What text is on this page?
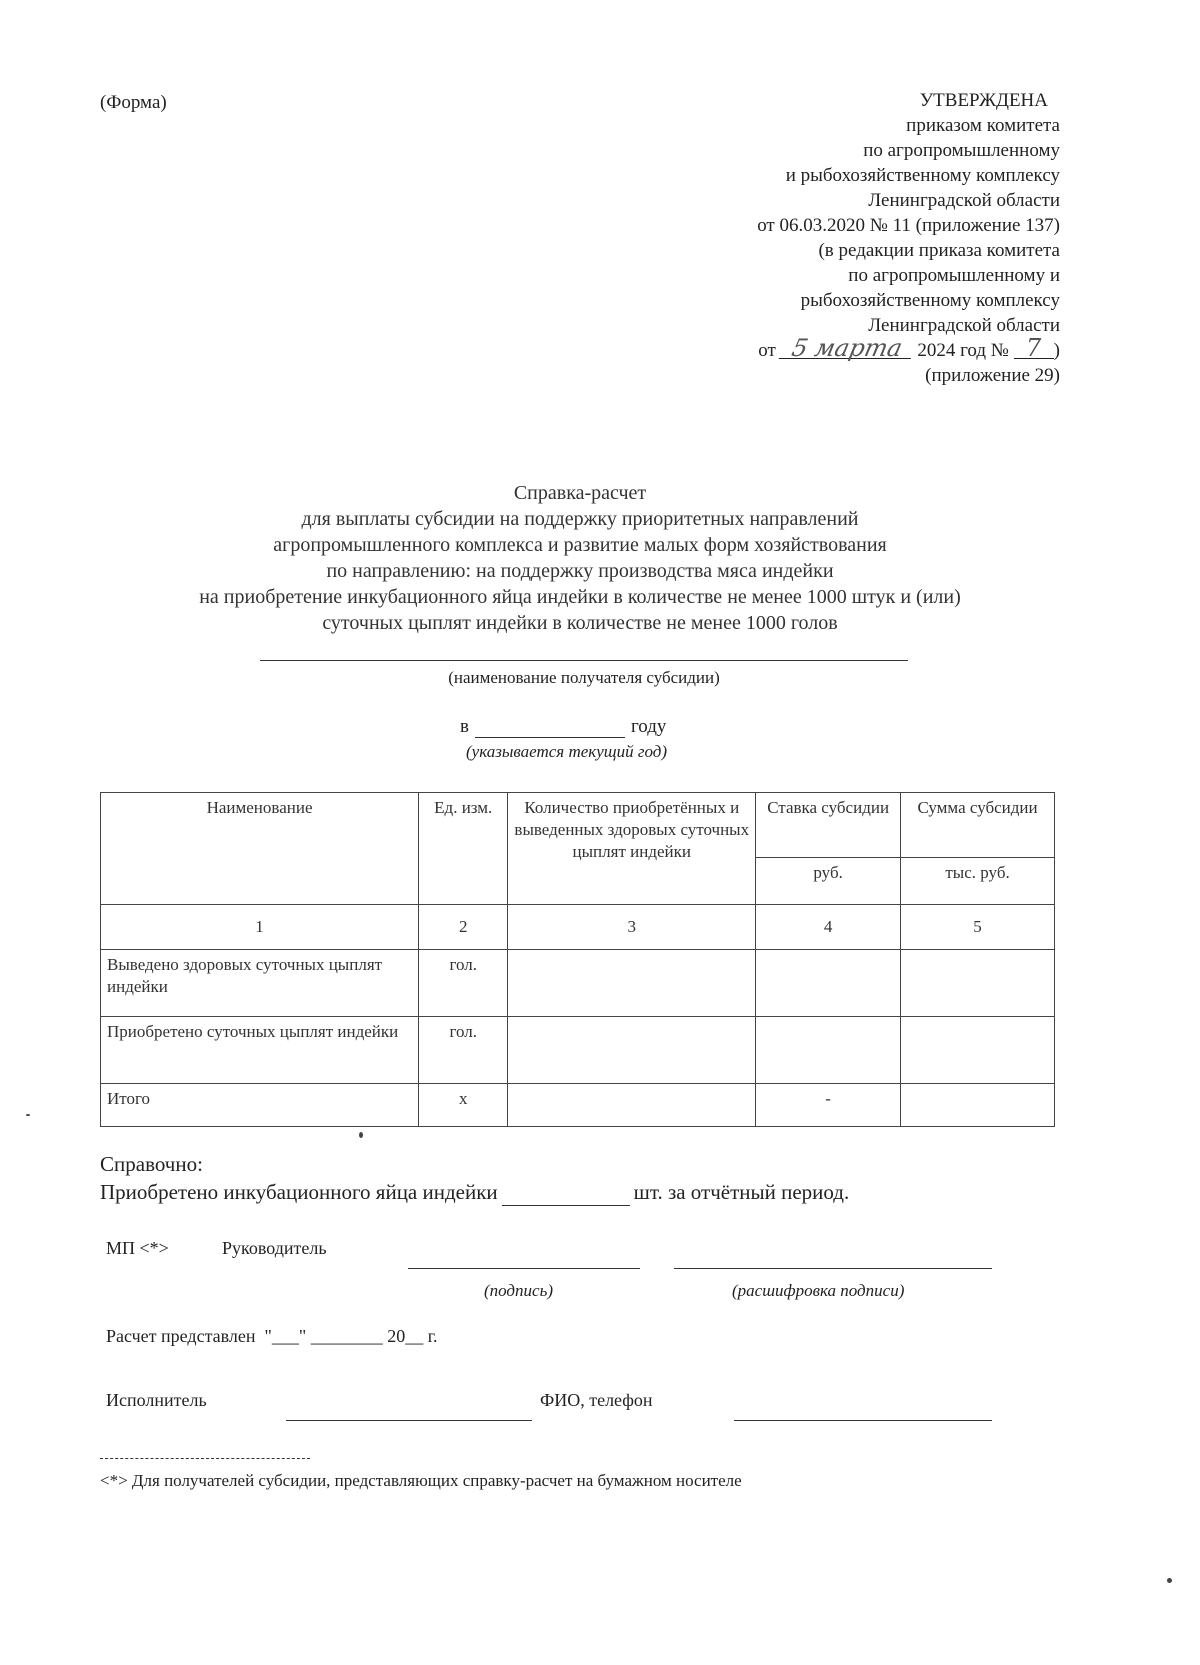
(Форма)	УТВЕРЖДЕНА
приказом комитета
по агропромышленному
и рыбохозяйственному комплексу
Ленинградской области
от 06.03.2020 № 11 (приложение 137)
(в редакции приказа комитета
по агропромышленному и
рыбохозяйственному комплексу
Ленинградской области
от 5 марта 2024 год № 7 )
(приложение 29)
Справка-расчет
для выплаты субсидии на поддержку приоритетных направлений
агропромышленного комплекса и развитие малых форм хозяйствования
по направлению: на поддержку производства мяса индейки
на приобретение инкубационного яйца индейки в количестве не менее 1000 штук и (или)
суточных цыплят индейки в количестве не менее 1000 голов
(наименование получателя субсидии)
в	году
(указывается текущий год)
Наименование	Ед. изм.	Количество приобретённых и выведенных здоровых суточных цыплят индейки	Ставка субсидии	Сумма субсидии
			руб.	тыс. руб.
1	2	3	4	5
Выведено здоровых суточных цыплят индейки	гол.			
Приобретено суточных цыплят индейки	гол.			
Итого	х		-	
Справочно:
Приобретено инкубационного яйца индейки	шт. за отчётный период.
МП <*>	Руководитель
(подпись)	(расшифровка подписи)
Расчет представлен  "___" ________ 20__ г.
Исполнитель	ФИО, телефон
<*> Для получателей субсидии, представляющих справку-расчет на бумажном носителе
